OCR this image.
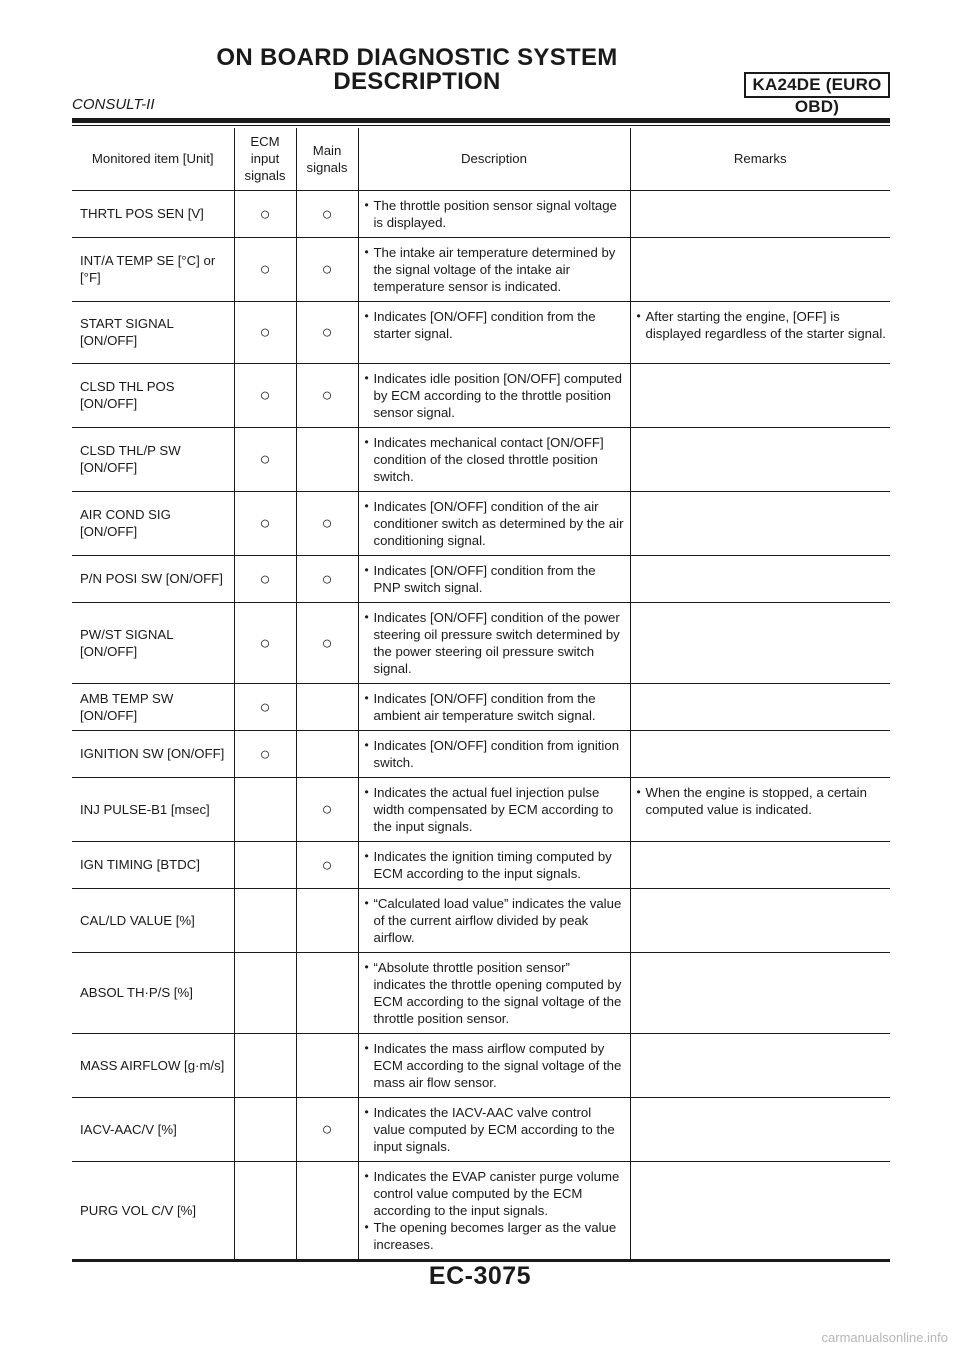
ON BOARD DIAGNOSTIC SYSTEM
DESCRIPTION	KA24DE (EURO OBD)
CONSULT-II
Monitored item [Unit]	ECM input signals	Main signals	Description	Remarks
THRTL POS SEN [V]	○	○	• The throttle position sensor signal voltage is displayed.	

INT/A TEMP SE [°C] or [°F]	○	○	• The intake air temperature determined by the signal voltage of the intake air temperature sensor is indicated.	

START SIGNAL [ON/OFF]	○	○	• Indicates [ON/OFF] condition from the starter signal.	• After starting the engine, [OFF] is displayed regardless of the starter signal.

CLSD THL POS [ON/OFF]	○	○	• Indicates idle position [ON/OFF] computed by ECM according to the throttle position sensor signal.	

CLSD THL/P SW [ON/OFF]	○		• Indicates mechanical contact [ON/OFF] condition of the closed throttle position switch.	

AIR COND SIG [ON/OFF]	○	○	• Indicates [ON/OFF] condition of the air conditioner switch as determined by the air conditioning signal.	

P/N POSI SW [ON/OFF]	○	○	• Indicates [ON/OFF] condition from the PNP switch signal.	

PW/ST SIGNAL [ON/OFF]	○	○	• Indicates [ON/OFF] condition of the power steering oil pressure switch determined by the power steering oil pressure switch signal.	

AMB TEMP SW [ON/OFF]	○		• Indicates [ON/OFF] condition from the ambient air temperature switch signal.	

IGNITION SW [ON/OFF]	○		• Indicates [ON/OFF] condition from ignition switch.	

INJ PULSE-B1 [msec]		○	• Indicates the actual fuel injection pulse width compensated by ECM according to the input signals.	• When the engine is stopped, a certain computed value is indicated.

IGN TIMING [BTDC]		○	• Indicates the ignition timing computed by ECM according to the input signals.	

CAL/LD VALUE [%]			• “Calculated load value” indicates the value of the current airflow divided by peak airflow.	

ABSOL TH·P/S [%]			• “Absolute throttle position sensor” indicates the throttle opening computed by ECM according to the signal voltage of the throttle position sensor.	

MASS AIRFLOW [g·m/s]			• Indicates the mass airflow computed by ECM according to the signal voltage of the mass air flow sensor.	

IACV-AAC/V [%]		○	• Indicates the IACV-AAC valve control value computed by ECM according to the input signals.	

PURG VOL C/V [%]			• Indicates the EVAP canister purge volume control value computed by the ECM according to the input signals.
• The opening becomes larger as the value increases.	

EC-3075
carmanualsonline.info
